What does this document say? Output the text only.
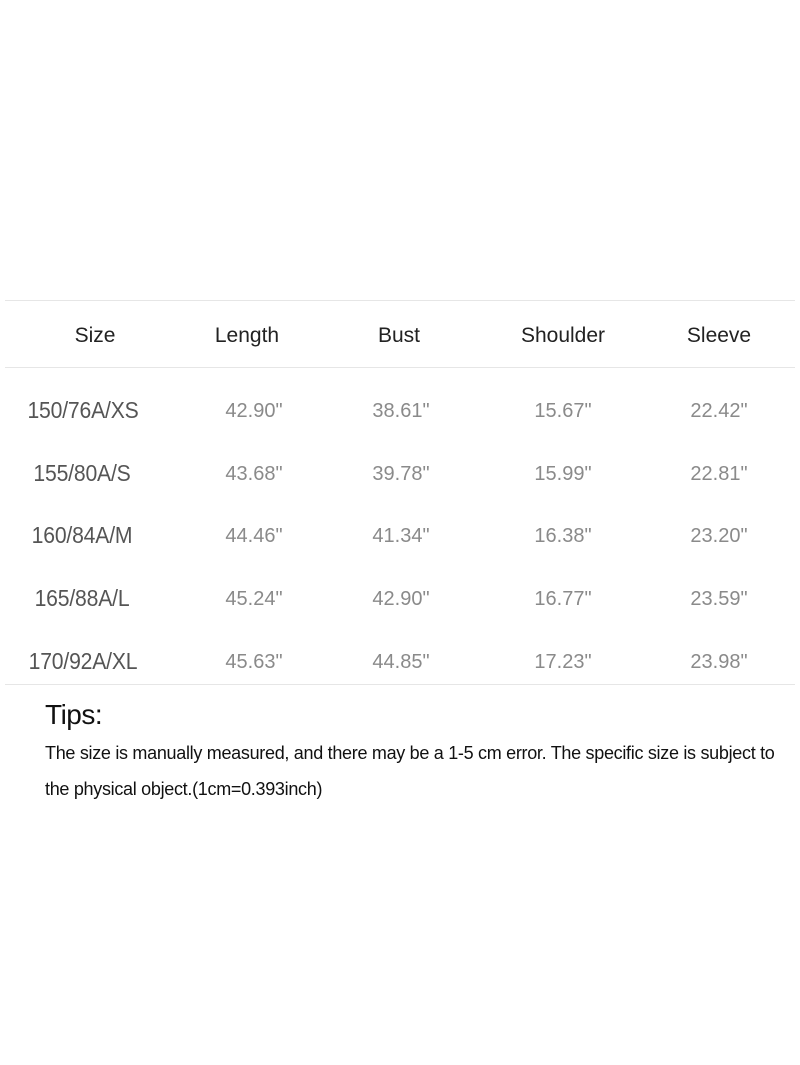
Size	Length	Bust	Shoulder	Sleeve
150/76A/XS	42.90"	38.61"	15.67"	22.42"
155/80A/S	43.68"	39.78"	15.99"	22.81"
160/84A/M	44.46"	41.34"	16.38"	23.20"
165/88A/L	45.24"	42.90"	16.77"	23.59"
170/92A/XL	45.63"	44.85"	17.23"	23.98"
Tips:
The size is manually measured, and there may be a 1-5 cm error. The specific size is subject to the physical object.(1cm=0.393inch)
